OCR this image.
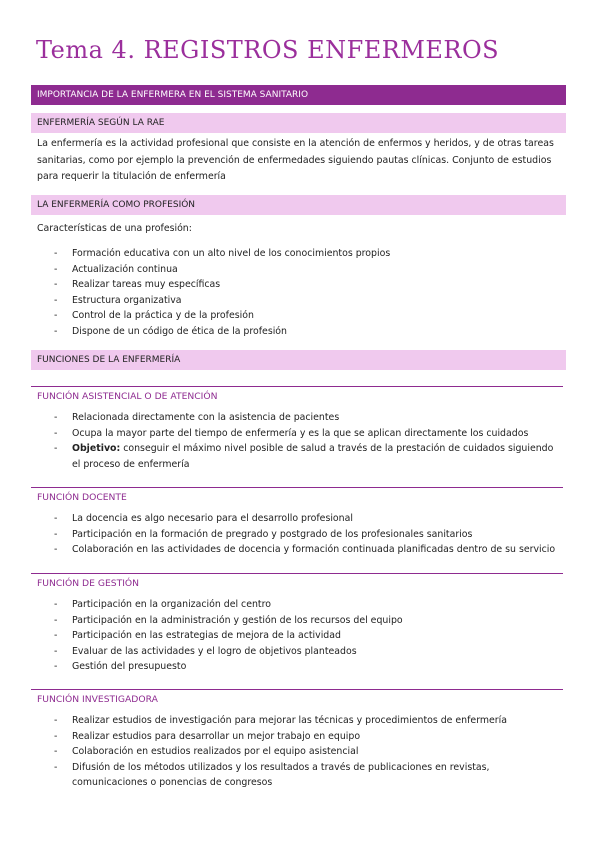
Tema 4. REGISTROS ENFERMEROS
IMPORTANCIA DE LA ENFERMERA EN EL SISTEMA SANITARIO
ENFERMERÍA SEGÚN LA RAE
La enfermería es la actividad profesional que consiste en la atención de enfermos y heridos, y de otras tareas sanitarias, como por ejemplo la prevención de enfermedades siguiendo pautas clínicas. Conjunto de estudios para requerir la titulación de enfermería
LA ENFERMERÍA COMO PROFESIÓN
Características de una profesión:
- Formación educativa con un alto nivel de los conocimientos propios
- Actualización continua
- Realizar tareas muy específicas
- Estructura organizativa
- Control de la práctica y de la profesión
- Dispone de un código de ética de la profesión
FUNCIONES DE LA ENFERMERÍA
FUNCIÓN ASISTENCIAL O DE ATENCIÓN
- Relacionada directamente con la asistencia de pacientes
- Ocupa la mayor parte del tiempo de enfermería y es la que se aplican directamente los cuidados
- Objetivo: conseguir el máximo nivel posible de salud a través de la prestación de cuidados siguiendo el proceso de enfermería
FUNCIÓN DOCENTE
- La docencia es algo necesario para el desarrollo profesional
- Participación en la formación de pregrado y postgrado de los profesionales sanitarios
- Colaboración en las actividades de docencia y formación continuada planificadas dentro de su servicio
FUNCIÓN DE GESTIÓN
- Participación en la organización del centro
- Participación en la administración y gestión de los recursos del equipo
- Participación en las estrategias de mejora de la actividad
- Evaluar de las actividades y el logro de objetivos planteados
- Gestión del presupuesto
FUNCIÓN INVESTIGADORA
- Realizar estudios de investigación para mejorar las técnicas y procedimientos de enfermería
- Realizar estudios para desarrollar un mejor trabajo en equipo
- Colaboración en estudios realizados por el equipo asistencial
- Difusión de los métodos utilizados y los resultados a través de publicaciones en revistas, comunicaciones o ponencias de congresos
